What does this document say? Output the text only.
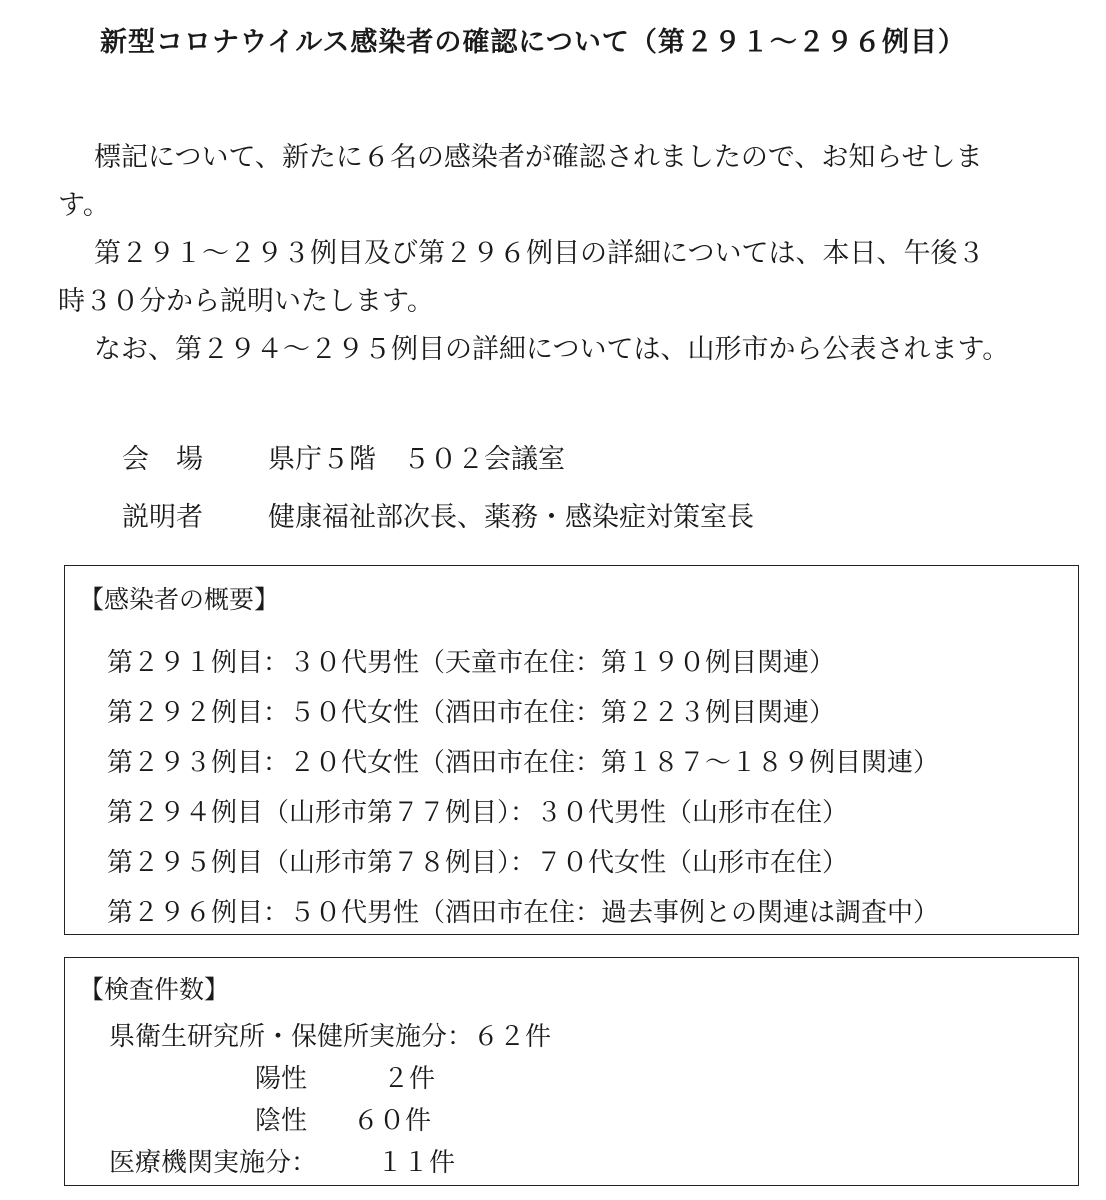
新型コロナウイルス感染者の確認について（第２９１～２９６例目）
標記について、新たに６名の感染者が確認されましたので、お知らせしま
す。
第２９１～２９３例目及び第２９６例目の詳細については、本日、午後３
時３０分から説明いたします。
なお、第２９４～２９５例目の詳細については、山形市から公表されます。
会　場 県庁５階　５０２会議室
説明者 健康福祉部次長、薬務・感染症対策室長
【感染者の概要】
第２９１例目：３０代男性（天童市在住：第１９０例目関連）
第２９２例目：５０代女性（酒田市在住：第２２３例目関連）
第２９３例目：２０代女性（酒田市在住：第１８７～１８９例目関連）
第２９４例目（山形市第７７例目）：３０代男性（山形市在住）
第２９５例目（山形市第７８例目）：７０代女性（山形市在住）
第２９６例目：５０代男性（酒田市在住：過去事例との関連は調査中）
【検査件数】
県衛生研究所・保健所実施分：６２件
陽性	２件
陰性 ６０件
医療機関実施分： １１件
